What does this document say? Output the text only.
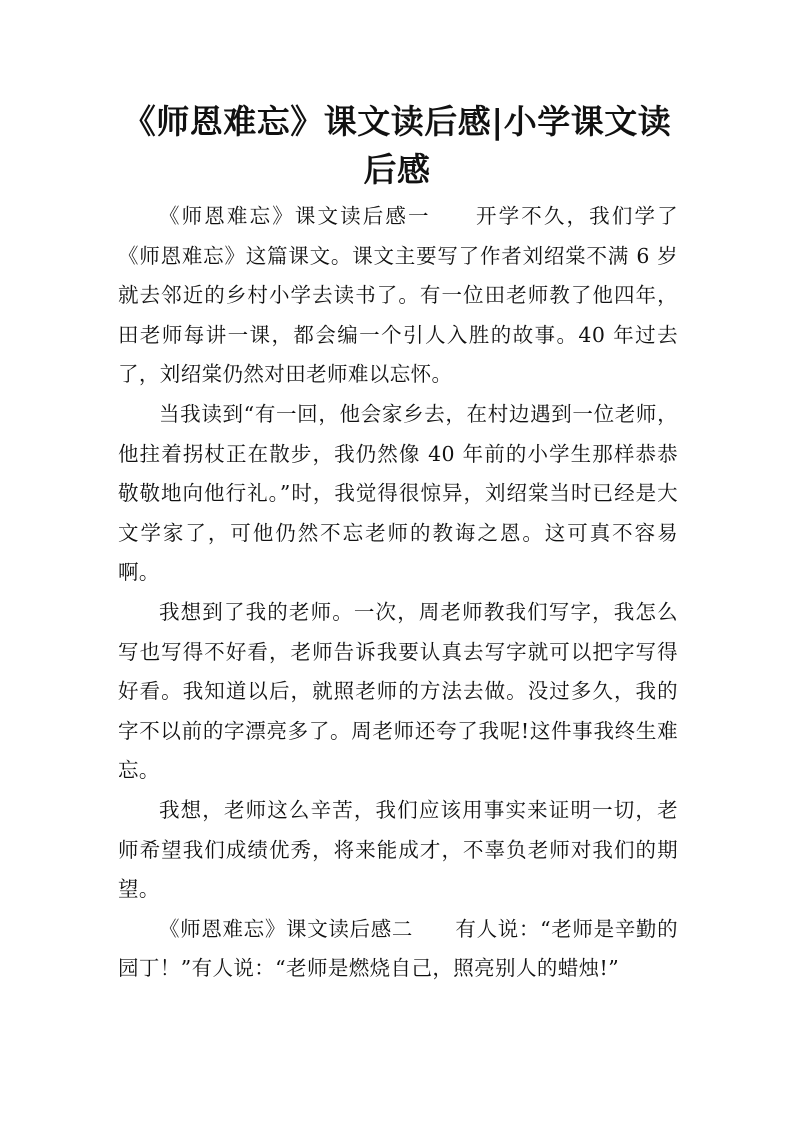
《师恩难忘》课文读后感|小学课文读后感

《师恩难忘》课文读后感一　　开学不久，我们学了《师恩难忘》这篇课文。课文主要写了作者刘绍棠不满 6 岁就去邻近的乡村小学去读书了。有一位田老师教了他四年，田老师每讲一课，都会编一个引人入胜的故事。40 年过去了，刘绍棠仍然对田老师难以忘怀。

当我读到“有一回，他会家乡去，在村边遇到一位老师，他拄着拐杖正在散步，我仍然像 40 年前的小学生那样恭恭敬敬地向他行礼。”时，我觉得很惊异，刘绍棠当时已经是大文学家了，可他仍然不忘老师的教诲之恩。这可真不容易啊。

我想到了我的老师。一次，周老师教我们写字，我怎么写也写得不好看，老师告诉我要认真去写字就可以把字写得好看。我知道以后，就照老师的方法去做。没过多久，我的字不以前的字漂亮多了。周老师还夸了我呢!这件事我终生难忘。

我想，老师这么辛苦，我们应该用事实来证明一切，老师希望我们成绩优秀，将来能成才，不辜负老师对我们的期望。

《师恩难忘》课文读后感二　　有人说：“老师是辛勤的园丁！”有人说：“老师是燃烧自己，照亮别人的蜡烛!”
